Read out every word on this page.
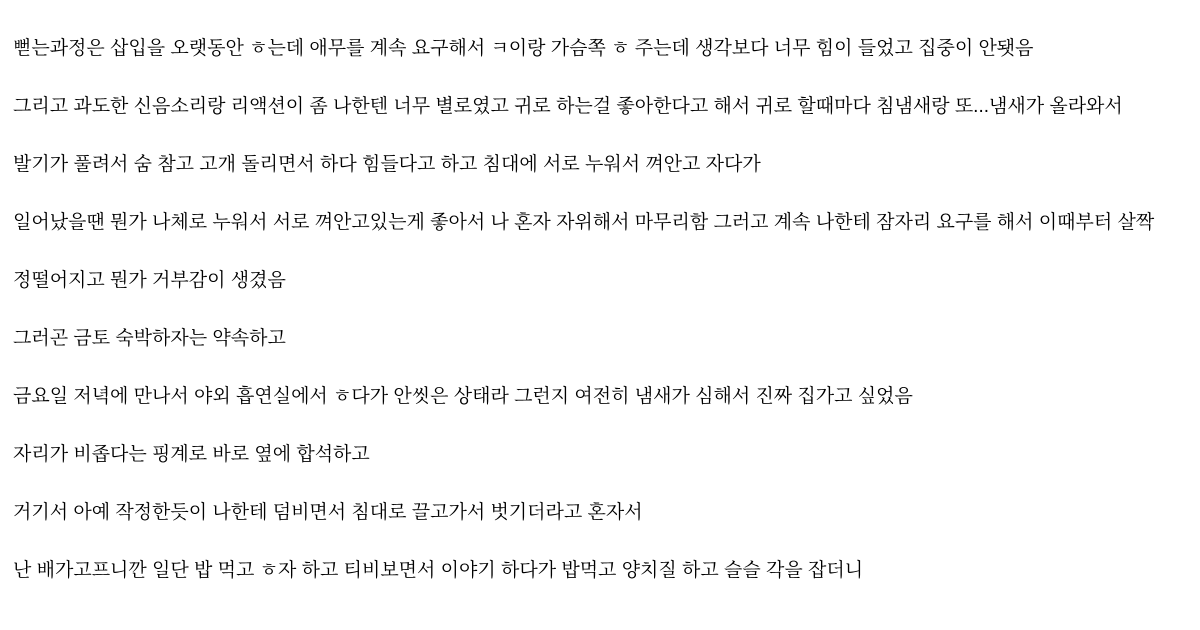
뻗는과정은 삽입을 오랫동안 ㅎ는데 애무를 계속 요구해서 ㅋ이랑 가슴쪽 ㅎ 주는데 생각보다 너무 힘이 들었고 집중이 안됏음

그리고 과도한 신음소리랑 리액션이 좀 나한텐 너무 별로였고 귀로 하는걸 좋아한다고 해서 귀로 할때마다 침냄새랑 또...냄새가 올라와서

발기가 풀려서 숨 참고 고개 돌리면서 하다 힘들다고 하고 침대에 서로 누워서 껴안고 자다가

일어났을땐 뭔가 나체로 누워서 서로 껴안고있는게 좋아서 나 혼자 자위해서 마무리함 그러고 계속 나한테 잠자리 요구를 해서 이때부터 살짝

정떨어지고 뭔가 거부감이 생겼음

그러곤 금토 숙박하자는 약속하고

금요일 저녁에 만나서 야외 흡연실에서 ㅎ다가 안씻은 상태라 그런지 여전히 냄새가 심해서 진짜 집가고 싶었음

자리가 비좁다는 핑계로 바로 옆에 합석하고

거기서 아예 작정한듯이 나한테 덤비면서 침대로 끌고가서 벗기더라고 혼자서

난 배가고프니깐 일단 밥 먹고 ㅎ자 하고 티비보면서 이야기 하다가 밥먹고 양치질 하고 슬슬 각을 잡더니
